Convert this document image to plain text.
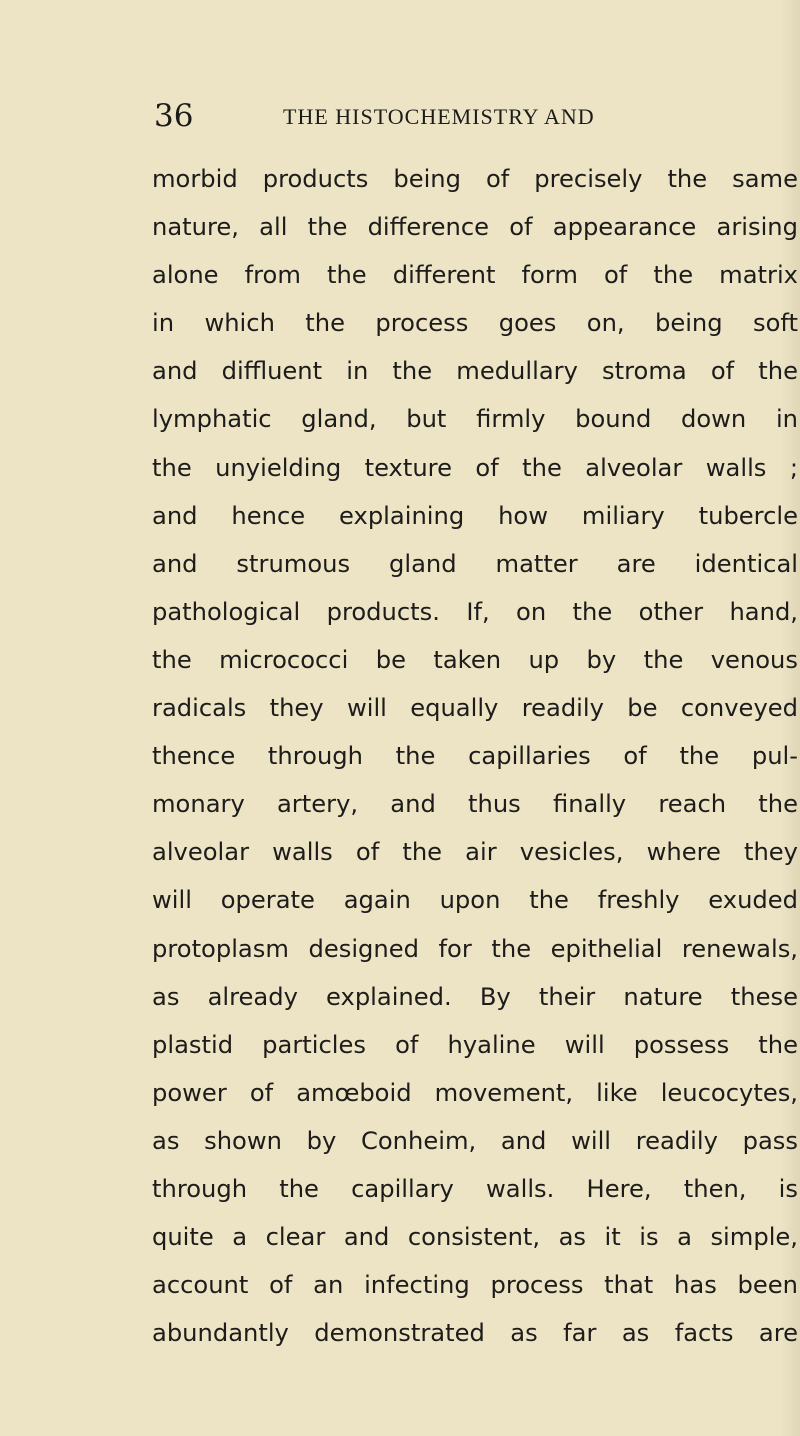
36	THE HISTOCHEMISTRY AND
morbid products being of precisely the same
nature, all the difference of appearance arising
alone from the different form of the matrix
in which the process goes on, being soft
and diffluent in the medullary stroma of the
lymphatic gland, but firmly bound down in
the unyielding texture of the alveolar walls ;
and hence explaining how miliary tubercle
and strumous gland matter are identical
pathological products. If, on the other hand,
the micrococci be taken up by the venous
radicals they will equally readily be conveyed
thence through the capillaries of the pul-
monary artery, and thus finally reach the
alveolar walls of the air vesicles, where they
will operate again upon the freshly exuded
protoplasm designed for the epithelial renewals,
as already explained. By their nature these
plastid particles of hyaline will possess the
power of amœboid movement, like leucocytes,
as shown by Conheim, and will readily pass
through the capillary walls. Here, then, is
quite a clear and consistent, as it is a simple,
account of an infecting process that has been
abundantly demonstrated as far as facts are
